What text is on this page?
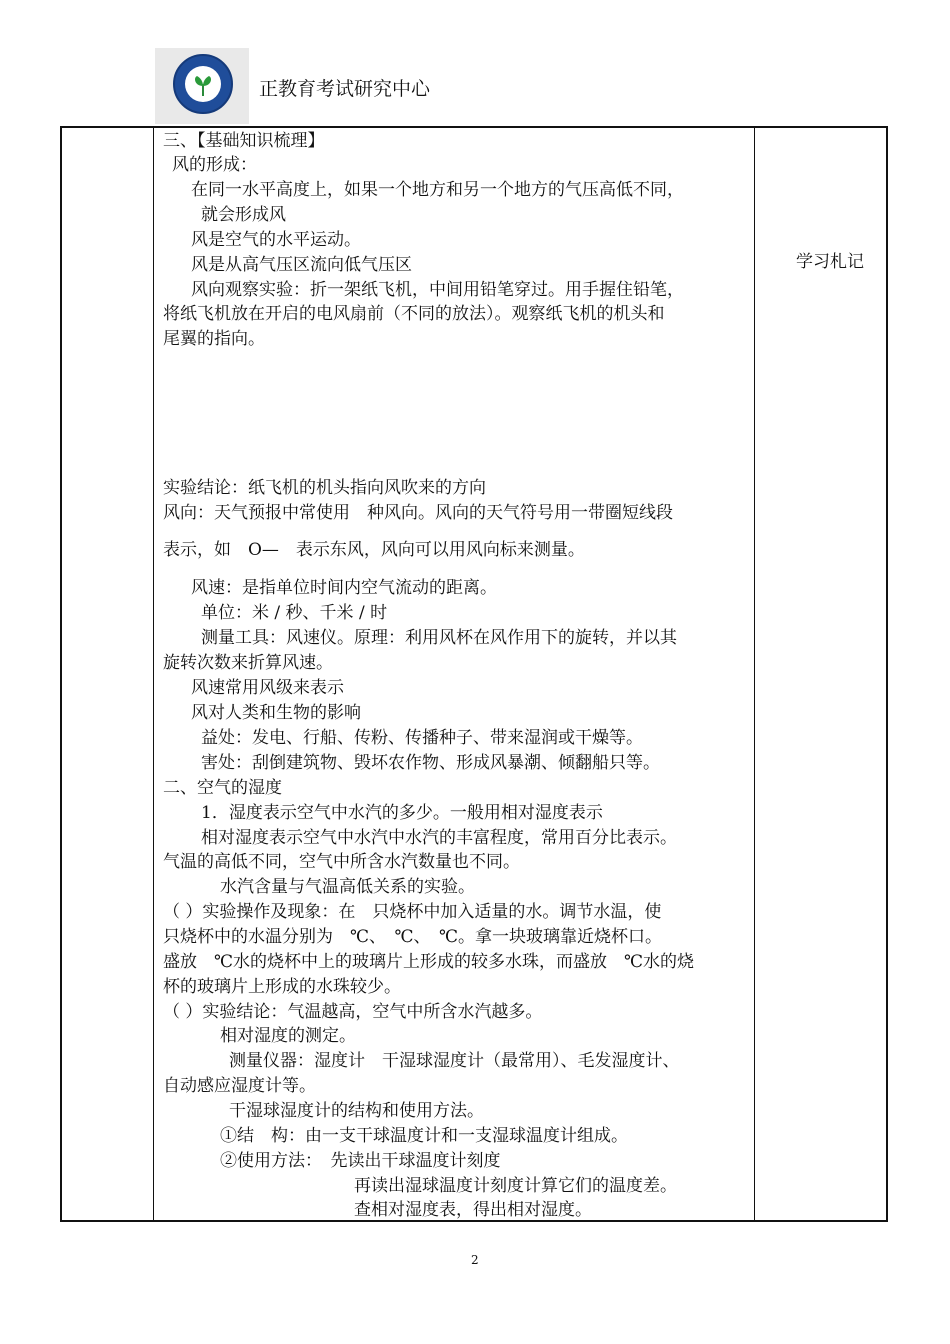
正教育考试研究中心
学习札记
三、【基础知识梳理】
风的形成：
在同一水平高度上，如果一个地方和另一个地方的气压高低不同，
就会形成风
风是空气的水平运动。
风是从高气压区流向低气压区
风向观察实验：折一架纸飞机，中间用铅笔穿过。用手握住铅笔，
将纸飞机放在开启的电风扇前（不同的放法）。观察纸飞机的机头和
尾翼的指向。
实验结论：纸飞机的机头指向风吹来的方向
风向：天气预报中常使用　种风向。风向的天气符号用一带圈短线段
表示，如　O—　表示东风，风向可以用风向标来测量。
风速：是指单位时间内空气流动的距离。
单位：米 / 秒、千米 / 时
测量工具：风速仪。原理：利用风杯在风作用下的旋转，并以其
旋转次数来折算风速。
风速常用风级来表示
风对人类和生物的影响
益处：发电、行船、传粉、传播种子、带来湿润或干燥等。
害处：刮倒建筑物、毁坏农作物、形成风暴潮、倾翻船只等。
二、空气的湿度
1．湿度表示空气中水汽的多少。一般用相对湿度表示
相对湿度表示空气中水汽中水汽的丰富程度，常用百分比表示。
气温的高低不同，空气中所含水汽数量也不同。
水汽含量与气温高低关系的实验。
（ ）实验操作及现象：在　只烧杯中加入适量的水。调节水温，使
只烧杯中的水温分别为　℃、　℃、　℃。拿一块玻璃靠近烧杯口。
盛放　℃水的烧杯中上的玻璃片上形成的较多水珠，而盛放　℃水的烧
杯的玻璃片上形成的水珠较少。
（ ）实验结论：气温越高，空气中所含水汽越多。
相对湿度的测定。
测量仪器：湿度计　干湿球湿度计（最常用）、毛发湿度计、
自动感应湿度计等。
干湿球湿度计的结构和使用方法。
①结　构：由一支干球温度计和一支湿球温度计组成。
②使用方法：　先读出干球温度计刻度
再读出湿球温度计刻度计算它们的温度差。
查相对湿度表，得出相对湿度。
2
